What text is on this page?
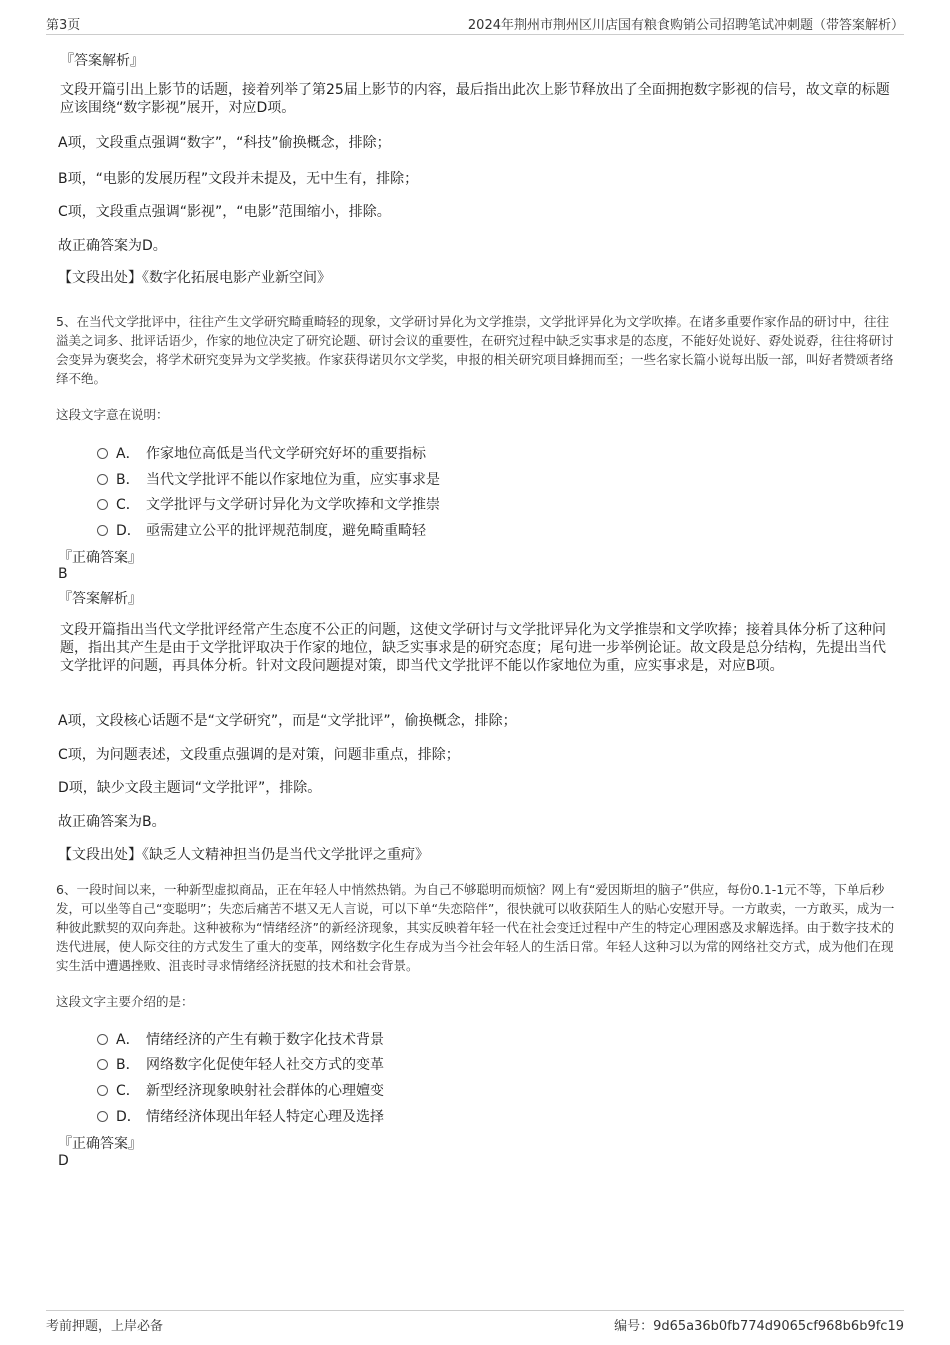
第3页	2024年荆州市荆州区川店国有粮食购销公司招聘笔试冲刺题（带答案解析）
『答案解析』
文段开篇引出上影节的话题，接着列举了第25届上影节的内容，最后指出此次上影节释放出了全面拥抱数字影视的信号，故文章的标题应该围绕“数字影视”展开，对应D项。
A项，文段重点强调“数字”，“科技”偷换概念，排除；
B项，“电影的发展历程”文段并未提及，无中生有，排除；
C项，文段重点强调“影视”，“电影”范围缩小，排除。
故正确答案为D。
【文段出处】《数字化拓展电影产业新空间》
5、在当代文学批评中，往往产生文学研究畸重畸轻的现象，文学研讨异化为文学推崇，文学批评异化为文学吹捧。在诸多重要作家作品的研讨中，往往溢美之词多、批评话语少，作家的地位决定了研究论题、研讨会议的重要性，在研究过程中缺乏实事求是的态度，不能好处说好、孬处说孬，往往将研讨会变异为褒奖会，将学术研究变异为文学奖掖。作家获得诺贝尔文学奖，申报的相关研究项目蜂拥而至；一些名家长篇小说每出版一部，叫好者赞颂者络绎不绝。
这段文字意在说明：
A． 作家地位高低是当代文学研究好坏的重要指标
B． 当代文学批评不能以作家地位为重，应实事求是
C． 文学批评与文学研讨异化为文学吹捧和文学推崇
D． 亟需建立公平的批评规范制度，避免畸重畸轻
『正确答案』
B
『答案解析』
文段开篇指出当代文学批评经常产生态度不公正的问题，这使文学研讨与文学批评异化为文学推崇和文学吹捧；接着具体分析了这种问题，指出其产生是由于文学批评取决于作家的地位，缺乏实事求是的研究态度；尾句进一步举例论证。故文段是总分结构，先提出当代文学批评的问题，再具体分析。针对文段问题提对策，即当代文学批评不能以作家地位为重，应实事求是，对应B项。
A项，文段核心话题不是“文学研究”，而是“文学批评”，偷换概念，排除；
C项，为问题表述，文段重点强调的是对策，问题非重点，排除；
D项，缺少文段主题词“文学批评”，排除。
故正确答案为B。
【文段出处】《缺乏人文精神担当仍是当代文学批评之重疴》
6、一段时间以来，一种新型虚拟商品，正在年轻人中悄然热销。为自己不够聪明而烦恼？网上有“爱因斯坦的脑子”供应，每份0.1-1元不等，下单后秒发，可以坐等自己“变聪明”；失恋后痛苦不堪又无人言说，可以下单“失恋陪伴”，很快就可以收获陌生人的贴心安慰开导。一方敢卖，一方敢买，成为一种彼此默契的双向奔赴。这种被称为“情绪经济”的新经济现象，其实反映着年轻一代在社会变迁过程中产生的特定心理困惑及求解选择。由于数字技术的迭代进展，使人际交往的方式发生了重大的变革，网络数字化生存成为当今社会年轻人的生活日常。年轻人这种习以为常的网络社交方式，成为他们在现实生活中遭遇挫败、沮丧时寻求情绪经济抚慰的技术和社会背景。
这段文字主要介绍的是：
A． 情绪经济的产生有赖于数字化技术背景
B． 网络数字化促使年轻人社交方式的变革
C． 新型经济现象映射社会群体的心理嬗变
D． 情绪经济体现出年轻人特定心理及选择
『正确答案』
D
考前押题，上岸必备	编号：9d65a36b0fb774d9065cf968b6b9fc19
